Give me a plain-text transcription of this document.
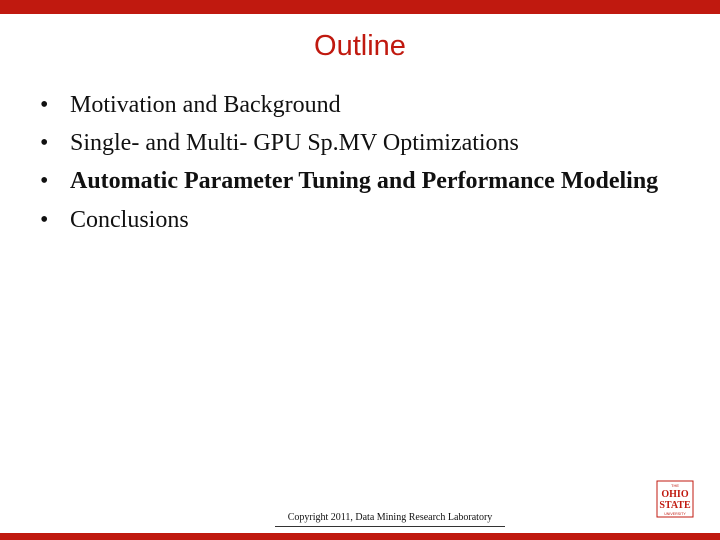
Outline
• Motivation and Background
• Single- and Multi- GPU Sp.MV Optimizations
• Automatic Parameter Tuning and Performance Modeling
• Conclusions
Copyright 2011, Data Mining Research Laboratory
THE
OHIO
STATE
UNIVERSITY
